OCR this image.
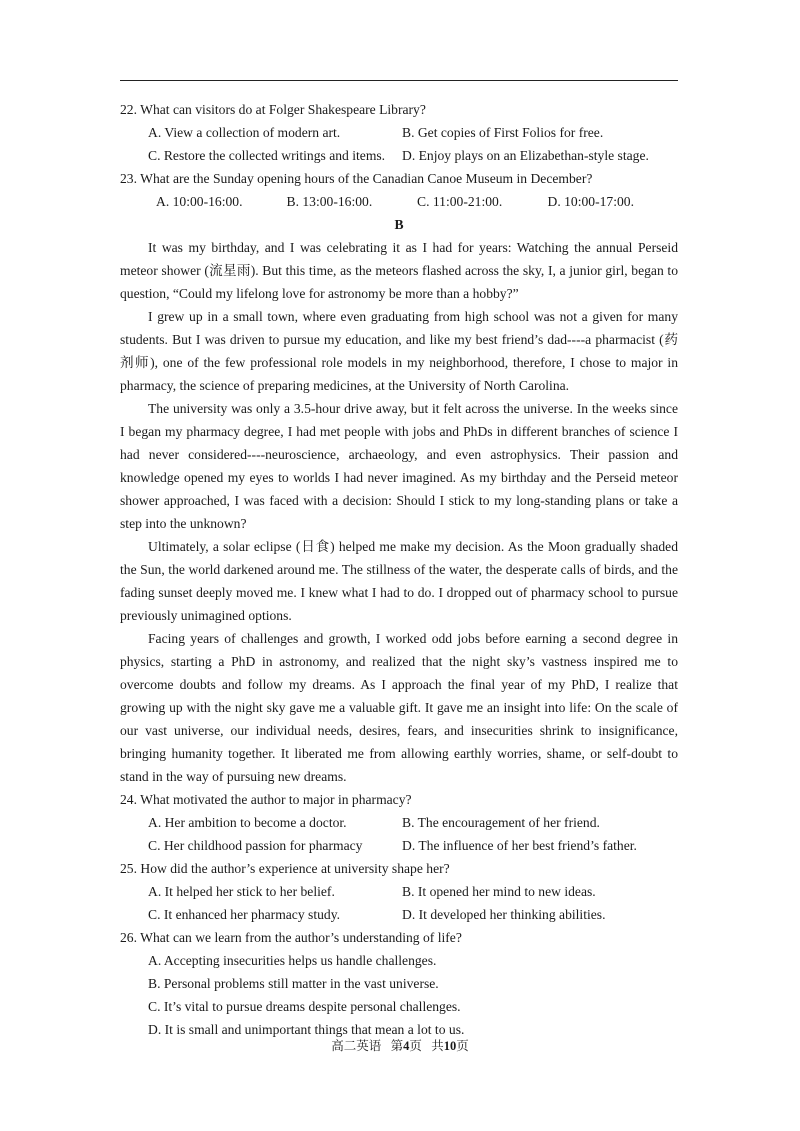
22. What can visitors do at Folger Shakespeare Library?
A. View a collection of modern art.	B. Get copies of First Folios for free.
C. Restore the collected writings and items.	D. Enjoy plays on an Elizabethan-style stage.
23. What are the Sunday opening hours of the Canadian Canoe Museum in December?
A. 10:00-16:00.	B. 13:00-16:00.	C. 11:00-21:00.	D. 10:00-17:00.
B

It was my birthday, and I was celebrating it as I had for years: Watching the annual Perseid meteor shower (流星雨). But this time, as the meteors flashed across the sky, I, a junior girl, began to question, “Could my lifelong love for astronomy be more than a hobby?”

I grew up in a small town, where even graduating from high school was not a given for many students. But I was driven to pursue my education, and like my best friend’s dad----a pharmacist (药剂师), one of the few professional role models in my neighborhood, therefore, I chose to major in pharmacy, the science of preparing medicines, at the University of North Carolina.

The university was only a 3.5-hour drive away, but it felt across the universe. In the weeks since I began my pharmacy degree, I had met people with jobs and PhDs in different branches of science I had never considered----neuroscience, archaeology, and even astrophysics. Their passion and knowledge opened my eyes to worlds I had never imagined. As my birthday and the Perseid meteor shower approached, I was faced with a decision: Should I stick to my long-standing plans or take a step into the unknown?

Ultimately, a solar eclipse (日食) helped me make my decision. As the Moon gradually shaded the Sun, the world darkened around me. The stillness of the water, the desperate calls of birds, and the fading sunset deeply moved me. I knew what I had to do. I dropped out of pharmacy school to pursue previously unimagined options.

Facing years of challenges and growth, I worked odd jobs before earning a second degree in physics, starting a PhD in astronomy, and realized that the night sky’s vastness inspired me to overcome doubts and follow my dreams. As I approach the final year of my PhD, I realize that growing up with the night sky gave me a valuable gift. It gave me an insight into life: On the scale of our vast universe, our individual needs, desires, fears, and insecurities shrink to insignificance, bringing humanity together. It liberated me from allowing earthly worries, shame, or self-doubt to stand in the way of pursuing new dreams.

24. What motivated the author to major in pharmacy?
A. Her ambition to become a doctor.	B. The encouragement of her friend.
C. Her childhood passion for pharmacy	D. The influence of her best friend’s father.
25. How did the author’s experience at university shape her?
A. It helped her stick to her belief.	B. It opened her mind to new ideas.
C. It enhanced her pharmacy study.	D. It developed her thinking abilities.
26. What can we learn from the author’s understanding of life?
A. Accepting insecurities helps us handle challenges.
B. Personal problems still matter in the vast universe.
C. It’s vital to pursue dreams despite personal challenges.
D. It is small and unimportant things that mean a lot to us.
高二英语 第4页 共10页
